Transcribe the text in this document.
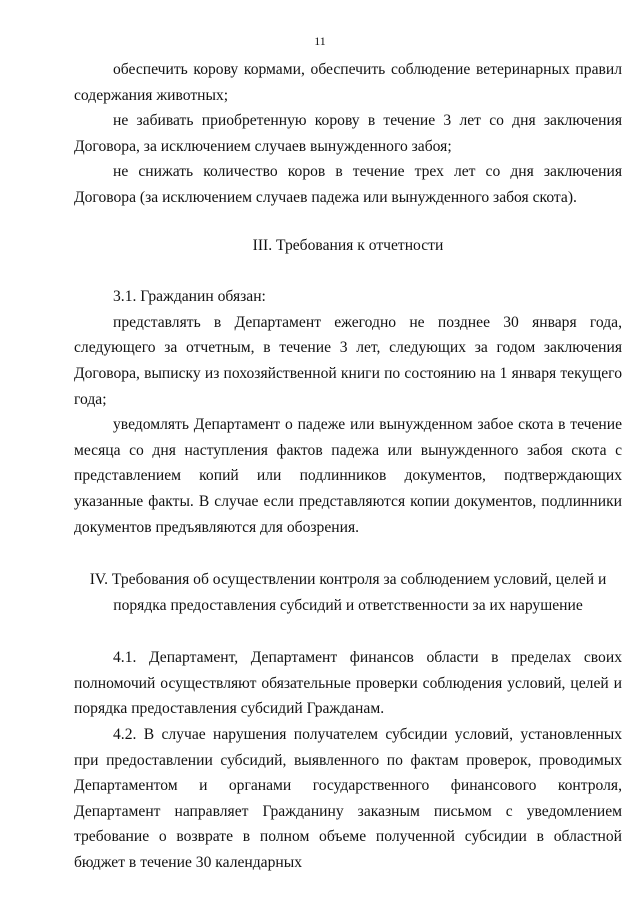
11

обеспечить корову кормами, обеспечить соблюдение ветеринарных правил содержания животных;

не забивать приобретенную корову в течение 3 лет со дня заключения Договора, за исключением случаев вынужденного забоя;

не снижать количество коров в течение трех лет со дня заключения Договора (за исключением случаев падежа или вынужденного забоя скота).

III. Требования к отчетности

3.1. Гражданин обязан:

представлять в Департамент ежегодно не позднее 30 января года, следующего за отчетным, в течение 3 лет, следующих за годом заключения Договора, выписку из похозяйственной книги по состоянию на 1 января текущего года;

уведомлять Департамент о падеже или вынужденном забое скота в течение месяца со дня наступления фактов падежа или вынужденного забоя скота с представлением копий или подлинников документов, подтверждающих указанные факты. В случае если представляются копии документов, подлинники документов предъявляются для обозрения.

IV. Требования об осуществлении контроля за соблюдением условий, целей и

порядка предоставления субсидий и ответственности за их нарушение

4.1. Департамент, Департамент финансов области в пределах своих полномочий осуществляют обязательные проверки соблюдения условий, целей и порядка предоставления субсидий Гражданам.

4.2. В случае нарушения получателем субсидии условий, установленных при предоставлении субсидий, выявленного по фактам проверок, проводимых Департаментом и органами государственного финансового контроля, Департамент направляет Гражданину заказным письмом с уведомлением требование о возврате в полном объеме полученной субсидии в областной бюджет в течение 30 календарных
